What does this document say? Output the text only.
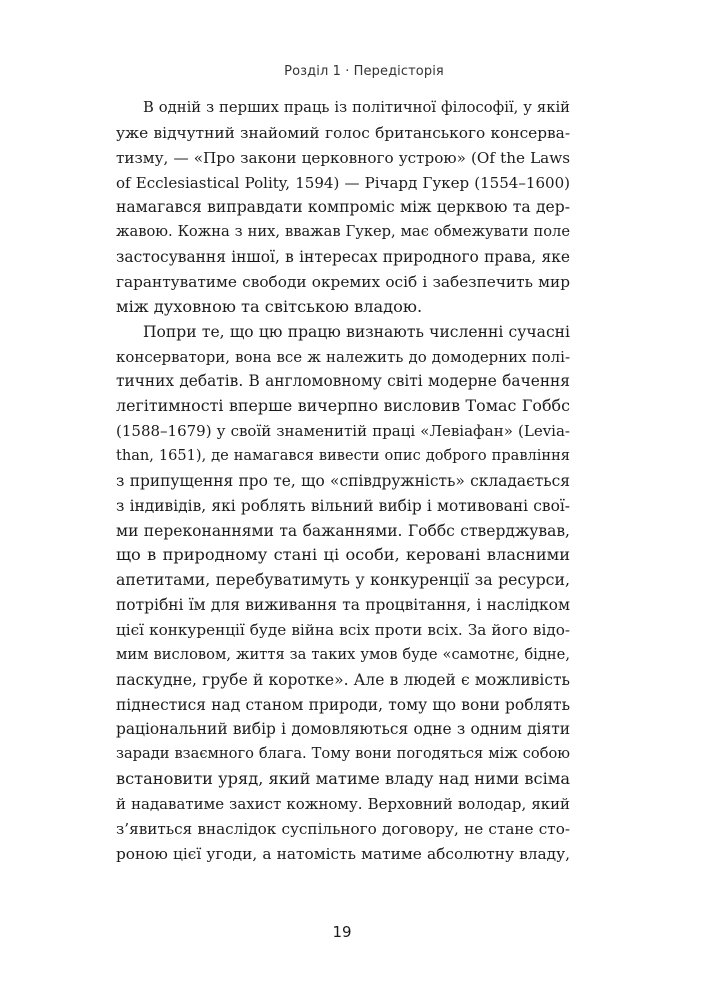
Розділ 1 · Передісторія
В одній з перших праць із політичної філософії, у якій
уже відчутний знайомий голос британського консерва-
тизму, — «Про закони церковного устрою» (Of the Laws
of Ecclesiastical Polity, 1594) — Річард Гукер (1554–1600)
намагався виправдати компроміс між церквою та дер-
жавою. Кожна з них, вважав Гукер, має обмежувати поле
застосування іншої, в інтересах природного права, яке
гарантуватиме свободи окремих осіб і забезпечить мир
між духовною та світською владою.
Попри те, що цю працю визнають численні сучасні
консерватори, вона все ж належить до домодерних полі-
тичних дебатів. В англомовному світі модерне бачення
легітимності вперше вичерпно висловив Томас Гоббс
(1588–1679) у своїй знаменитій праці «Левіафан» (Levia-
than, 1651), де намагався вивести опис доброго правління
з припущення про те, що «співдружність» складається
з індивідів, які роблять вільний вибір і мотивовані свої-
ми переконаннями та бажаннями. Гоббс стверджував,
що в природному стані ці особи, керовані власними
апетитами, перебуватимуть у конкуренції за ресурси,
потрібні їм для виживання та процвітання, і наслідком
цієї конкуренції буде війна всіх проти всіх. За його відо-
мим висловом, життя за таких умов буде «самотнє, бідне,
паскудне, грубе й коротке». Але в людей є можливість
піднестися над станом природи, тому що вони роблять
раціональний вибір і домовляються одне з одним діяти
заради взаємного блага. Тому вони погодяться між собою
встановити уряд, який матиме владу над ними всіма
й надаватиме захист кожному. Верховний володар, який
з’явиться внаслідок суспільного договору, не стане сто-
роною цієї угоди, а натомість матиме абсолютну владу,
19
